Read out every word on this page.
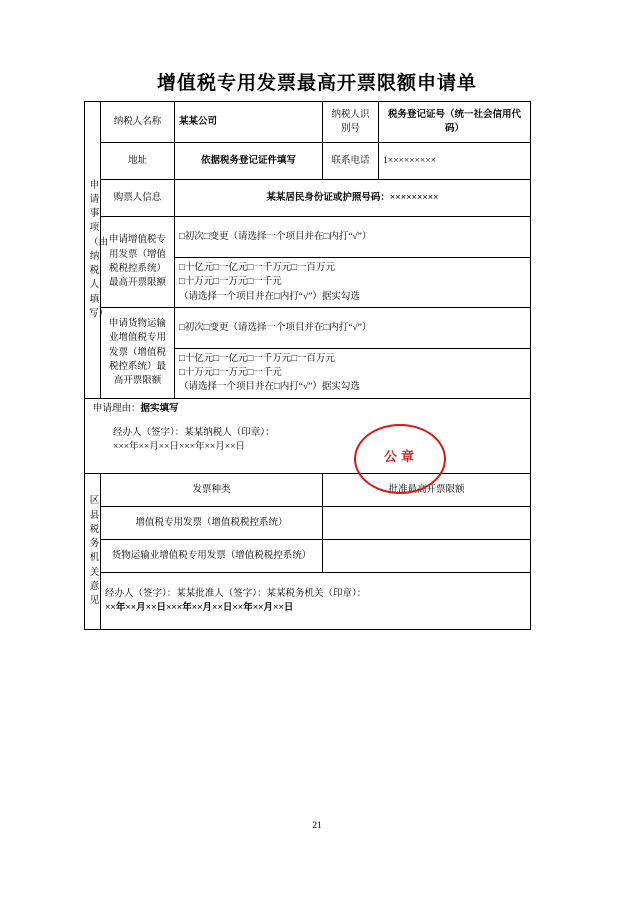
增值税专用发票最高开票限额申请单
申请事项（由纳税人填写）	纳税人名称	某某公司	纳税人识别号	税务登记证号（统一社会信用代码）
	地址	依据税务登记证件填写	联系电话	1×××××××××
	购票人信息	某某居民身份证或护照号码：×××××××××		
	申请增值税专用发票（增值税税控系统）最高开票限额	□初次□变更（请选择一个项目并在□内打“√”）		

		□十亿元□一亿元□一千万元□一百万元
□十万元□一万元□一千元
（请选择一个项目并在□内打“√”）据实勾选		

	申请货物运输业增值税专用发票（增值税税控系统）最高开票限额	□初次□变更（请选择一个项目并在□内打“√”）		

		□十亿元□一亿元□一千万元□一百万元
□十万元□一万元□一千元
（请选择一个项目并在□内打“√”）据实勾选		

申请理由：据实填写
经办人（签字）：某某纳税人（印章）：
×××年××月××日×××年××月××日				

区县税务机关意见	发票种类		批准最高开票限额	
	增值税专用发票（增值税税控系统）			
	货物运输业增值税专用发票（增值税税控系统）			

	经办人（签字）：某某批准人（签字）：某某税务机关（印章）：
××年××月××日×××年××月××日××年××月××日			
公章
21
